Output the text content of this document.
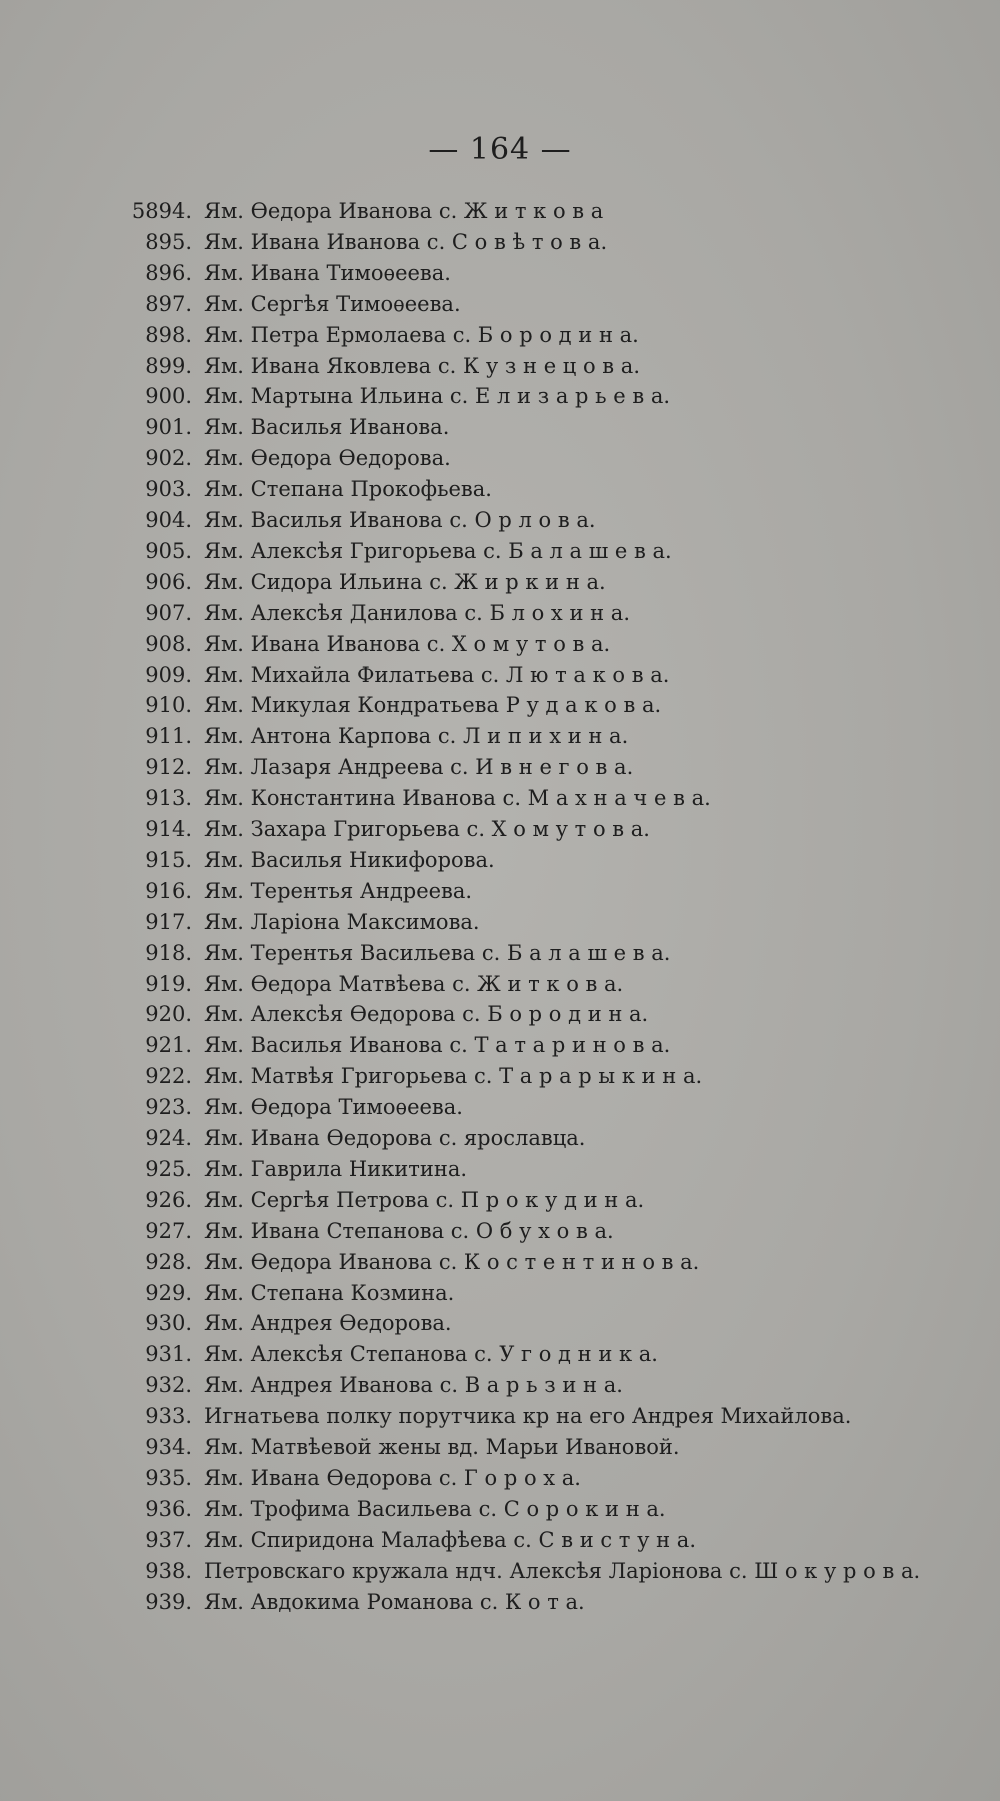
— 164 —
5894. Ям. Өедора Иванова с. Ж и т к о в а
895. Ям. Ивана Иванова с. С о в ѣ т о в а.
896. Ям. Ивана Тимоѳеева.
897. Ям. Сергѣя Тимоѳеева.
898. Ям. Петра Ермолаева с. Б о р о д и н а.
899. Ям. Ивана Яковлева с. К у з н е ц о в а.
900. Ям. Мартына Ильина с. Е л и з а р ь е в а.
901. Ям. Василья Иванова.
902. Ям. Өедора Өедорова.
903. Ям. Степана Прокофьева.
904. Ям. Василья Иванова с. О р л о в а.
905. Ям. Алексѣя Григорьева с. Б а л а ш е в а.
906. Ям. Сидора Ильина с. Ж и р к и н а.
907. Ям. Алексѣя Данилова с. Б л о х и н а.
908. Ям. Ивана Иванова с. Х о м у т о в а.
909. Ям. Михайла Филатьева с. Л ю т а к о в а.
910. Ям. Микулая Кондратьева Р у д а к о в а.
911. Ям. Антона Карпова с. Л и п и х и н а.
912. Ям. Лазаря Андреева с. И в н е г о в а.
913. Ям. Константина Иванова с. М а х н а ч е в а.
914. Ям. Захара Григорьева с. Х о м у т о в а.
915. Ям. Василья Никифорова.
916. Ям. Терентья Андреева.
917. Ям. Ларіона Максимова.
918. Ям. Терентья Васильева с. Б а л а ш е в а.
919. Ям. Өедора Матвѣева с. Ж и т к о в а.
920. Ям. Алексѣя Өедорова с. Б о р о д и н а.
921. Ям. Василья Иванова с. Т а т а р и н о в а.
922. Ям. Матвѣя Григорьева с. Т а р а р ы к и н а.
923. Ям. Өедора Тимоѳеева.
924. Ям. Ивана Өедорова с. ярославца.
925. Ям. Гаврила Никитина.
926. Ям. Сергѣя Петрова с. П р о к у д и н а.
927. Ям. Ивана Степанова с. О б у х о в а.
928. Ям. Өедора Иванова с. К о с т е н т и н о в а.
929. Ям. Степана Козмина.
930. Ям. Андрея Өедорова.
931. Ям. Алексѣя Степанова с. У г о д н и к а.
932. Ям. Андрея Иванова с. В а р ь з и н а.
933. Игнатьева полку порутчика кр на его Андрея Михайлова.
934. Ям. Матвѣевой жены вд. Марьи Ивановой.
935. Ям. Ивана Өедорова с. Г о р о х а.
936. Ям. Трофима Васильева с. С о р о к и н а.
937. Ям. Спиридона Малафѣева с. С в и с т у н а.
938. Петровскаго кружала ндч. Алексѣя Ларіонова с. Ш о к у р о в а.
939. Ям. Авдокима Романова с. К о т а.
